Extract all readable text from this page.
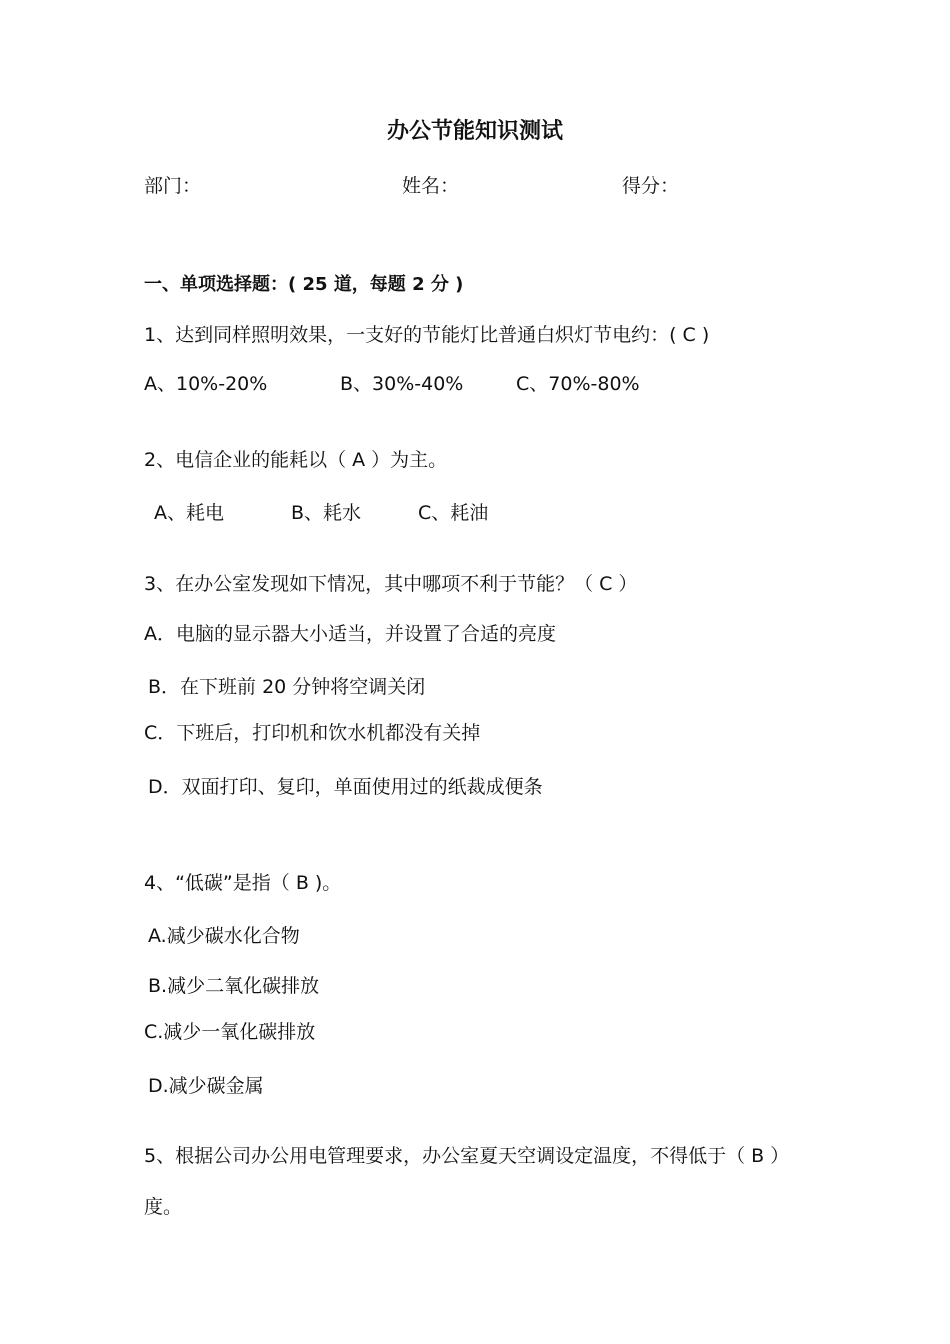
办公节能知识测试
部门：	姓名：	得分：
一、单项选择题：( 25 道，每题 2 分 )
1、达到同样照明效果，一支好的节能灯比普通白炽灯节电约：( C )
A、10%-20%	B、30%-40%	C、70%-80%
2、电信企业的能耗以（ A ）为主。
A、耗电	B、耗水	C、耗油
3、在办公室发现如下情况，其中哪项不利于节能？（ C ）
A．电脑的显示器大小适当，并设置了合适的亮度
B．在下班前 20 分钟将空调关闭
C．下班后，打印机和饮水机都没有关掉
D．双面打印、复印，单面使用过的纸裁成便条
4、“低碳”是指（ B )。
A.减少碳水化合物
B.减少二氧化碳排放
C.减少一氧化碳排放
D.减少碳金属
5、根据公司办公用电管理要求，办公室夏天空调设定温度，不得低于（ B ）
度。
